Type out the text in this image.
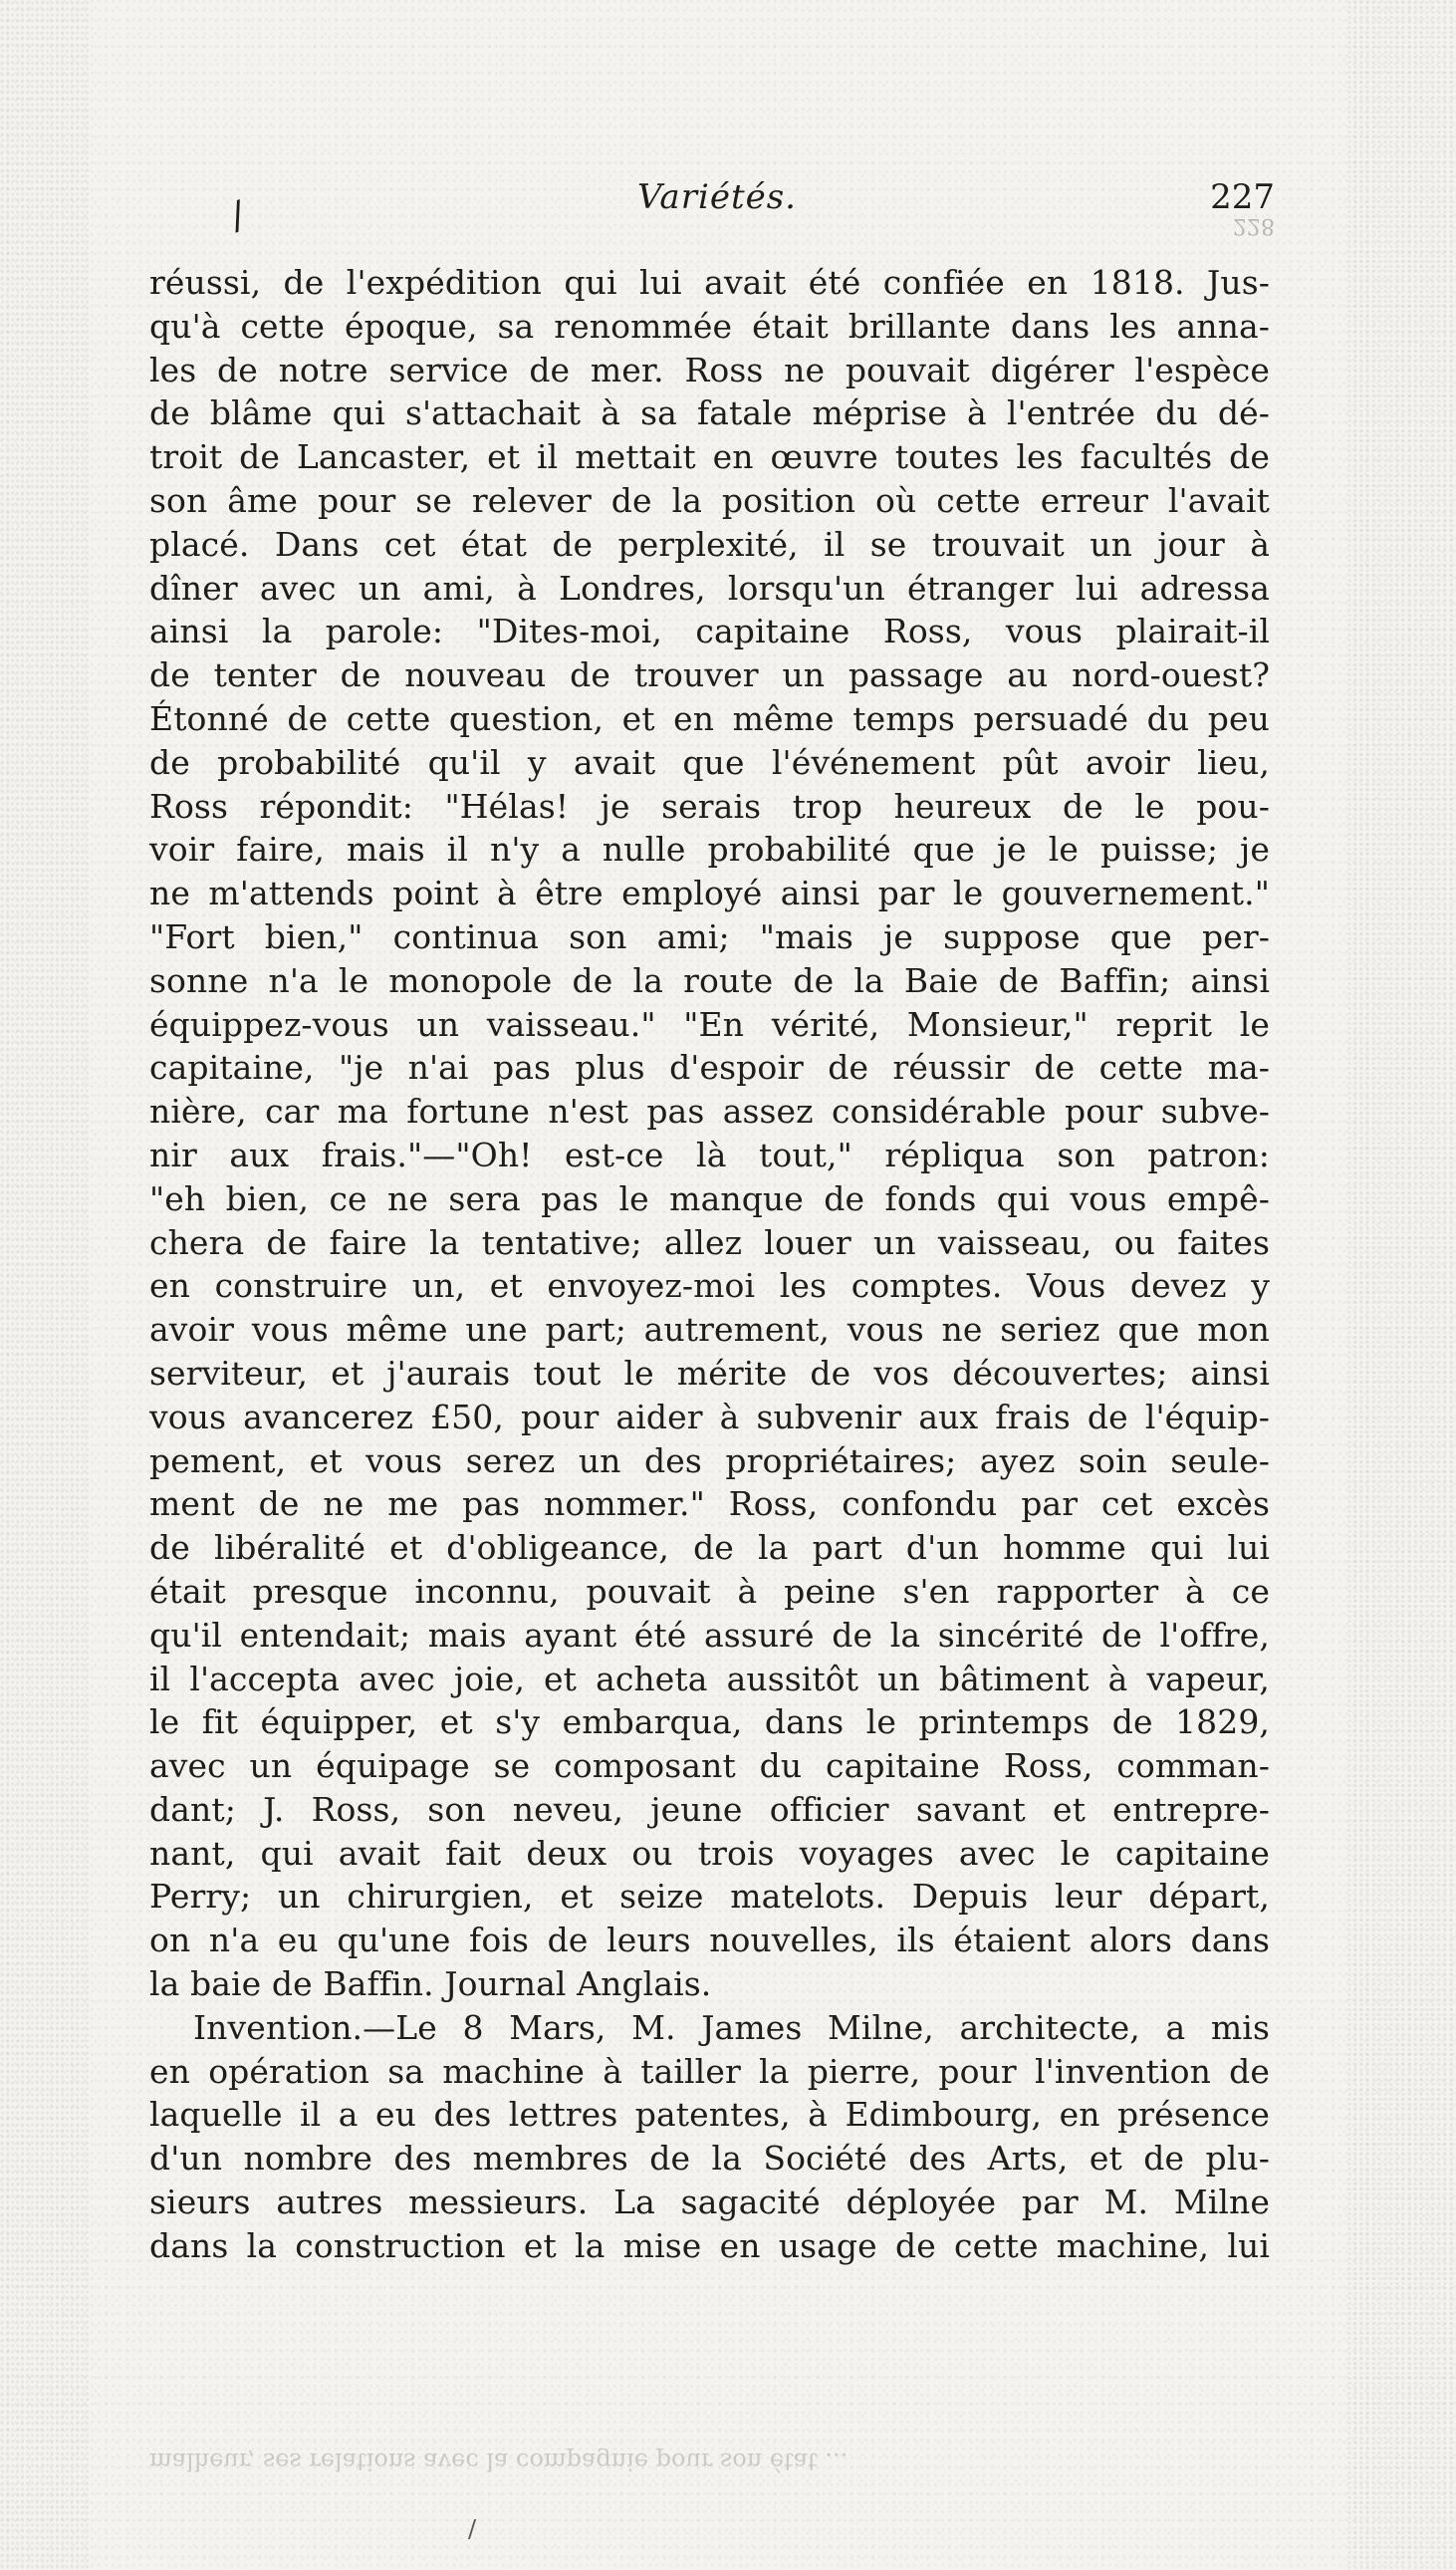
/	Variétés.	227
228
réussi, de l'expédition qui lui avait été confiée en 1818. Jus-
qu'à cette époque, sa renommée était brillante dans les anna-
les de notre service de mer. Ross ne pouvait digérer l'espèce
de blâme qui s'attachait à sa fatale méprise à l'entrée du dé-
troit de Lancaster, et il mettait en œuvre toutes les facultés de
son âme pour se relever de la position où cette erreur l'avait
placé. Dans cet état de perplexité, il se trouvait un jour à
dîner avec un ami, à Londres, lorsqu'un étranger lui adressa
ainsi la parole: "Dites-moi, capitaine Ross, vous plairait-il
de tenter de nouveau de trouver un passage au nord-ouest?
Étonné de cette question, et en même temps persuadé du peu
de probabilité qu'il y avait que l'événement pût avoir lieu,
Ross répondit: "Hélas! je serais trop heureux de le pou-
voir faire, mais il n'y a nulle probabilité que je le puisse; je
ne m'attends point à être employé ainsi par le gouvernement."
"Fort bien," continua son ami; "mais je suppose que per-
sonne n'a le monopole de la route de la Baie de Baffin; ainsi
équippez-vous un vaisseau." "En vérité, Monsieur," reprit le
capitaine, "je n'ai pas plus d'espoir de réussir de cette ma-
nière, car ma fortune n'est pas assez considérable pour subve-
nir aux frais."—"Oh! est-ce là tout," répliqua son patron:
"eh bien, ce ne sera pas le manque de fonds qui vous empê-
chera de faire la tentative; allez louer un vaisseau, ou faites
en construire un, et envoyez-moi les comptes. Vous devez y
avoir vous même une part; autrement, vous ne seriez que mon
serviteur, et j'aurais tout le mérite de vos découvertes; ainsi
vous avancerez £50, pour aider à subvenir aux frais de l'équip-
pement, et vous serez un des propriétaires; ayez soin seule-
ment de ne me pas nommer." Ross, confondu par cet excès
de libéralité et d'obligeance, de la part d'un homme qui lui
était presque inconnu, pouvait à peine s'en rapporter à ce
qu'il entendait; mais ayant été assuré de la sincérité de l'offre,
il l'accepta avec joie, et acheta aussitôt un bâtiment à vapeur,
le fit équipper, et s'y embarqua, dans le printemps de 1829,
avec un équipage se composant du capitaine Ross, comman-
dant; J. Ross, son neveu, jeune officier savant et entrepre-
nant, qui avait fait deux ou trois voyages avec le capitaine
Perry; un chirurgien, et seize matelots. Depuis leur départ,
on n'a eu qu'une fois de leurs nouvelles, ils étaient alors dans
la baie de Baffin. Journal Anglais.
Invention.—Le 8 Mars, M. James Milne, architecte, a mis
en opération sa machine à tailler la pierre, pour l'invention de
laquelle il a eu des lettres patentes, à Edimbourg, en présence
d'un nombre des membres de la Société des Arts, et de plu-
sieurs autres messieurs. La sagacité déployée par M. Milne
dans la construction et la mise en usage de cette machine, lui
malheur, ses relations avec la compagnie pour son état ...
/
